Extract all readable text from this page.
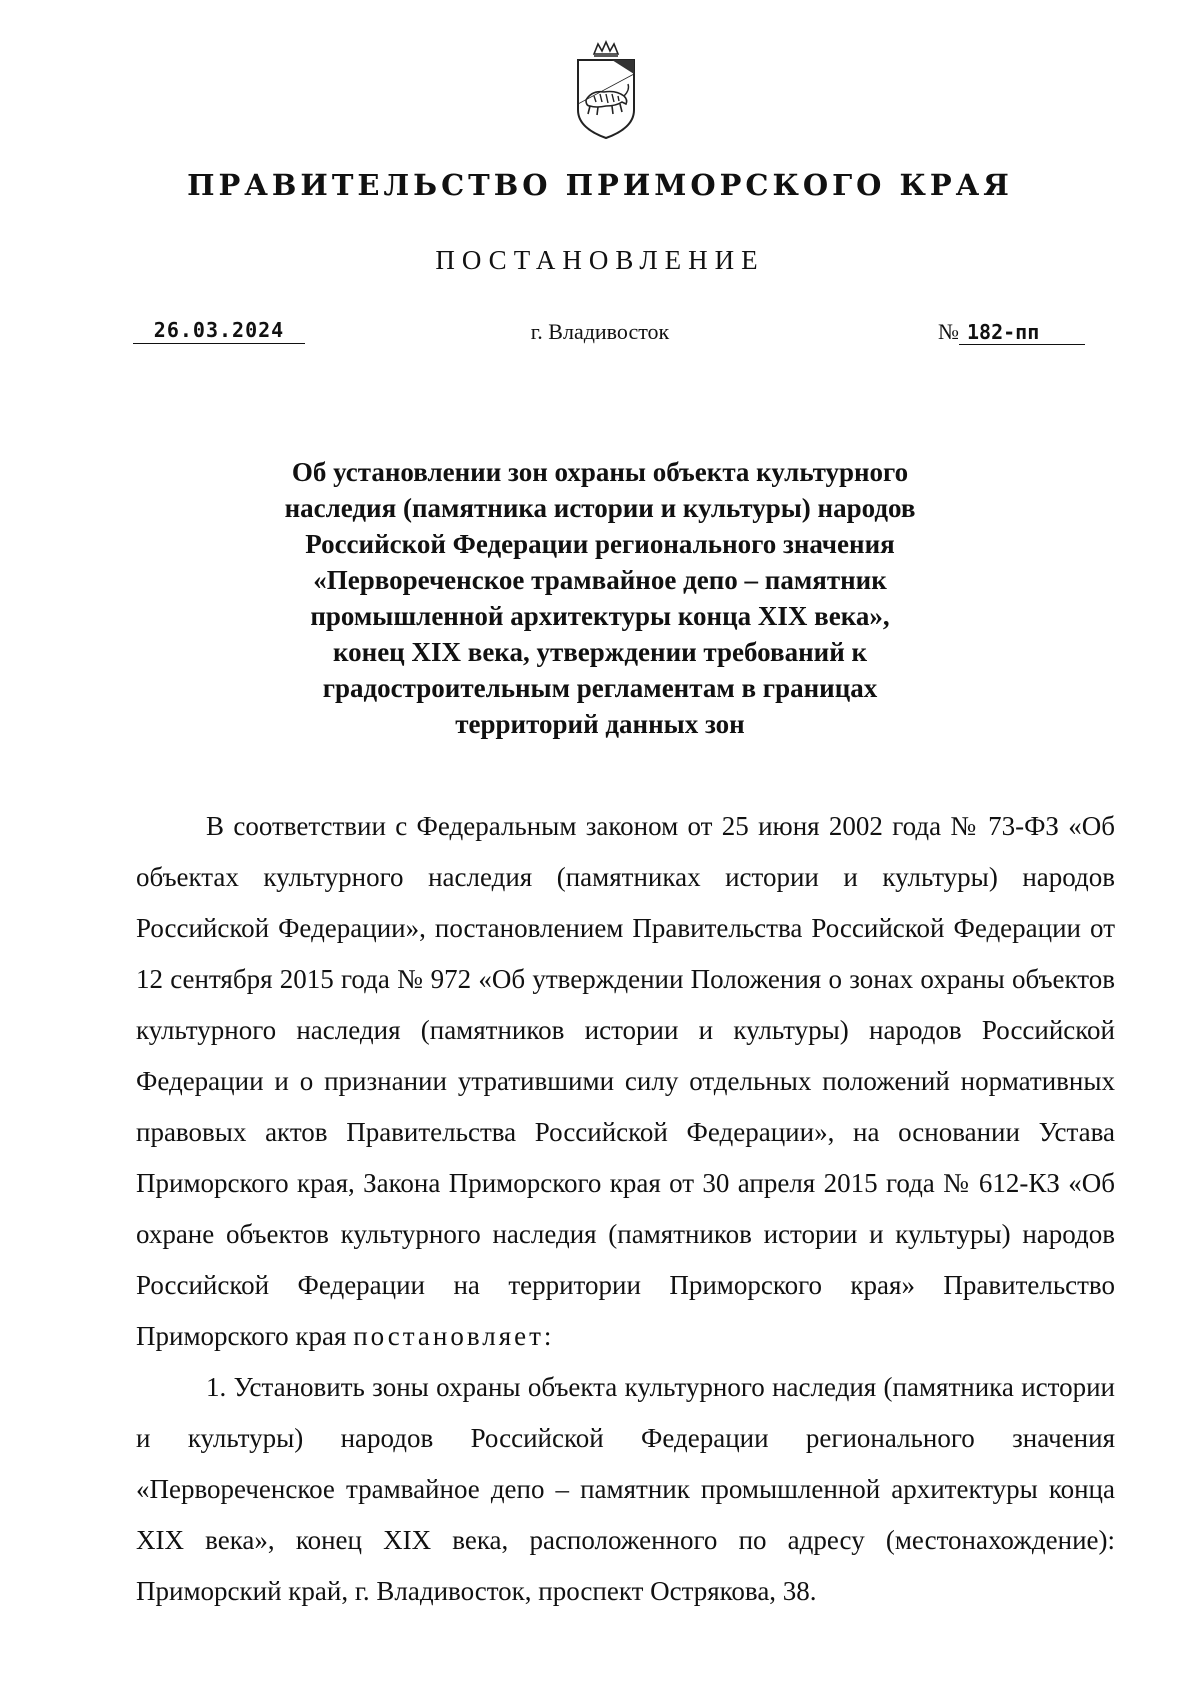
ПРАВИТЕЛЬСТВО ПРИМОРСКОГО КРАЯ
ПОСТАНОВЛЕНИЕ
26.03.2024	г. Владивосток	№ 182-пп
Об установлении зон охраны объекта культурного
наследия (памятника истории и культуры) народов
Российской Федерации регионального значения
«Первореченское трамвайное депо – памятник
промышленной архитектуры конца XIX века»,
конец XIX века, утверждении требований к
градостроительным регламентам в границах
территорий данных зон

В соответствии с Федеральным законом от 25 июня 2002 года № 73-ФЗ «Об объектах культурного наследия (памятниках истории и культуры) народов Российской Федерации», постановлением Правительства Российской Федерации от 12 сентября 2015 года № 972 «Об утверждении Положения о зонах охраны объектов культурного наследия (памятников истории и культуры) народов Российской Федерации и о признании утратившими силу отдельных положений нормативных правовых актов Правительства Российской Федерации», на основании Устава Приморского края, Закона Приморского края от 30 апреля 2015 года № 612-КЗ «Об охране объектов культурного наследия (памятников истории и культуры) народов Российской Федерации на территории Приморского края» Правительство Приморского края постановляет:

1. Установить зоны охраны объекта культурного наследия (памятника истории и культуры) народов Российской Федерации регионального значения «Первореченское трамвайное депо – памятник промышленной архитектуры конца XIX века», конец XIX века, расположенного по адресу (местонахождение): Приморский край, г. Владивосток, проспект Острякова, 38.
